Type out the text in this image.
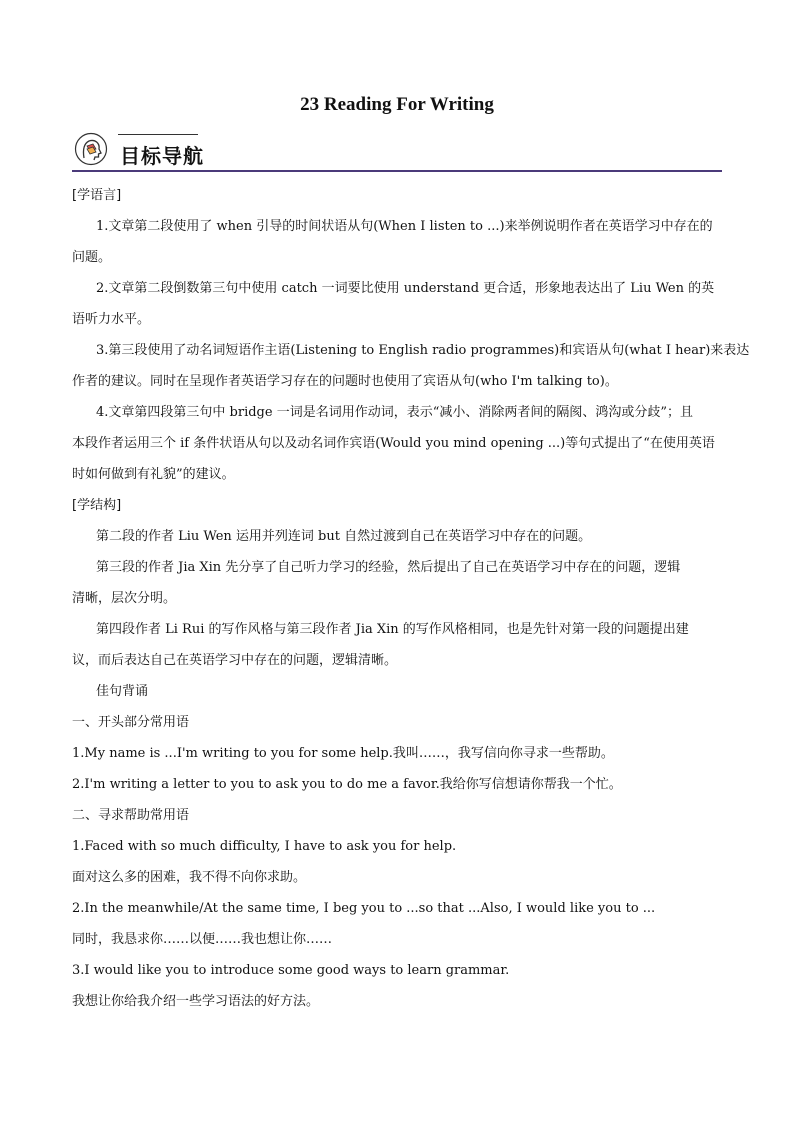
23 Reading For Writing
目标导航
[学语言]
1.文章第二段使用了 when 引导的时间状语从句(When I listen to ...)来举例说明作者在英语学习中存在的
问题。
2.文章第二段倒数第三句中使用 catch 一词要比使用 understand 更合适，形象地表达出了 Liu Wen 的英
语听力水平。
3.第三段使用了动名词短语作主语(Listening to English radio programmes)和宾语从句(what I hear)来表达
作者的建议。同时在呈现作者英语学习存在的问题时也使用了宾语从句(who I'm talking to)。
4.文章第四段第三句中 bridge 一词是名词用作动词，表示“减小、消除两者间的隔阂、鸿沟或分歧”；且
本段作者运用三个 if 条件状语从句以及动名词作宾语(Would you mind opening ...)等句式提出了“在使用英语
时如何做到有礼貌”的建议。
[学结构]
第二段的作者 Liu Wen 运用并列连词 but 自然过渡到自己在英语学习中存在的问题。
第三段的作者 Jia Xin 先分享了自己听力学习的经验，然后提出了自己在英语学习中存在的问题，逻辑
清晰，层次分明。
第四段作者 Li Rui 的写作风格与第三段作者 Jia Xin 的写作风格相同，也是先针对第一段的问题提出建
议，而后表达自己在英语学习中存在的问题，逻辑清晰。
佳句背诵
一、开头部分常用语
1.My name is ...I'm writing to you for some help.我叫……，我写信向你寻求一些帮助。
2.I'm writing a letter to you to ask you to do me a favor.我给你写信想请你帮我一个忙。
二、寻求帮助常用语
1.Faced with so much difficulty, I have to ask you for help.
面对这么多的困难，我不得不向你求助。
2.In the meanwhile/At the same time, I beg you to ...so that ...Also, I would like you to ...
同时，我恳求你……以便……我也想让你……
3.I would like you to introduce some good ways to learn grammar.
我想让你给我介绍一些学习语法的好方法。
